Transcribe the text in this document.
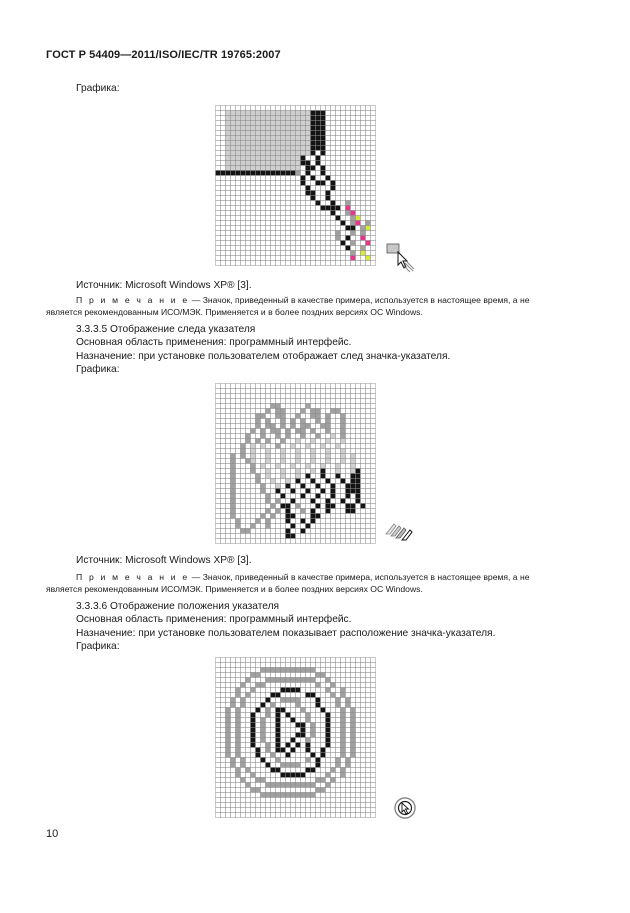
ГОСТ Р 54409—2011/ISO/IEC/TR 19765:2007
Графика:
Источник: Microsoft Windows XP® [3].
П р и м е ч а н и е — Значок, приведенный в качестве примера, используется в настоящее время, а не
является рекомендованным ИСО/МЭК. Применяется и в более поздних версиях ОС Windows.
3.3.3.5 Отображение следа указателя
Основная область применения: программный интерфейс.
Назначение: при установке пользователем отображает след значка-указателя.
Графика:
Источник: Microsoft Windows XP® [3].
П р и м е ч а н и е — Значок, приведенный в качестве примера, используется в настоящее время, а не
является рекомендованным ИСО/МЭК. Применяется и в более поздних версиях ОС Windows.
3.3.3.6 Отображение положения указателя
Основная область применения: программный интерфейс.
Назначение: при установке пользователем показывает расположение значка-указателя.
Графика:
10
